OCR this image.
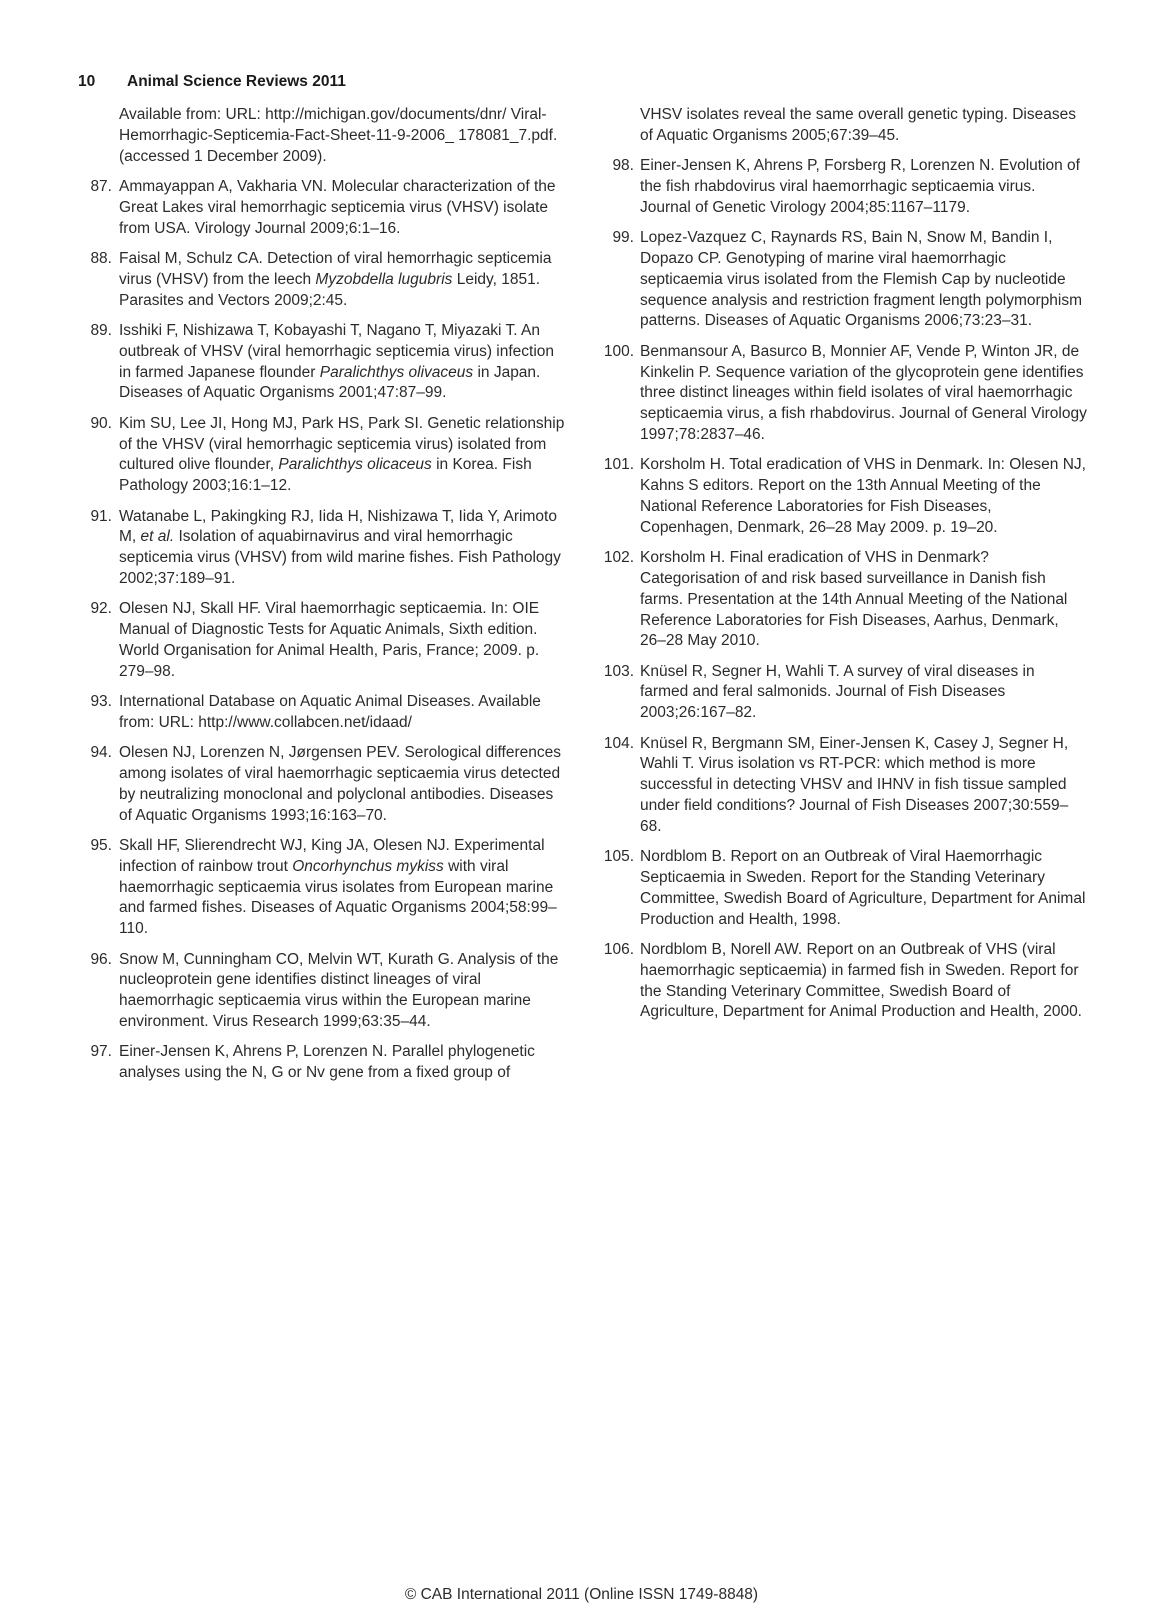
10 Animal Science Reviews 2011
Available from: URL: http://michigan.gov/documents/dnr/ Viral-Hemorrhagic-Septicemia-Fact-Sheet-11-9-2006_ 178081_7.pdf. (accessed 1 December 2009).
87. Ammayappan A, Vakharia VN. Molecular characterization of the Great Lakes viral hemorrhagic septicemia virus (VHSV) isolate from USA. Virology Journal 2009;6:1–16.
88. Faisal M, Schulz CA. Detection of viral hemorrhagic septicemia virus (VHSV) from the leech Myzobdella lugubris Leidy, 1851. Parasites and Vectors 2009;2:45.
89. Isshiki F, Nishizawa T, Kobayashi T, Nagano T, Miyazaki T. An outbreak of VHSV (viral hemorrhagic septicemia virus) infection in farmed Japanese flounder Paralichthys olivaceus in Japan. Diseases of Aquatic Organisms 2001;47:87–99.
90. Kim SU, Lee JI, Hong MJ, Park HS, Park SI. Genetic relationship of the VHSV (viral hemorrhagic septicemia virus) isolated from cultured olive flounder, Paralichthys olicaceus in Korea. Fish Pathology 2003;16:1–12.
91. Watanabe L, Pakingking RJ, Iida H, Nishizawa T, Iida Y, Arimoto M, et al. Isolation of aquabirnavirus and viral hemorrhagic septicemia virus (VHSV) from wild marine fishes. Fish Pathology 2002;37:189–91.
92. Olesen NJ, Skall HF. Viral haemorrhagic septicaemia. In: OIE Manual of Diagnostic Tests for Aquatic Animals, Sixth edition. World Organisation for Animal Health, Paris, France; 2009. p. 279–98.
93. International Database on Aquatic Animal Diseases. Available from: URL: http://www.collabcen.net/idaad/
94. Olesen NJ, Lorenzen N, Jørgensen PEV. Serological differences among isolates of viral haemorrhagic septicaemia virus detected by neutralizing monoclonal and polyclonal antibodies. Diseases of Aquatic Organisms 1993;16:163–70.
95. Skall HF, Slierendrecht WJ, King JA, Olesen NJ. Experimental infection of rainbow trout Oncorhynchus mykiss with viral haemorrhagic septicaemia virus isolates from European marine and farmed fishes. Diseases of Aquatic Organisms 2004;58:99–110.
96. Snow M, Cunningham CO, Melvin WT, Kurath G. Analysis of the nucleoprotein gene identifies distinct lineages of viral haemorrhagic septicaemia virus within the European marine environment. Virus Research 1999;63:35–44.
97. Einer-Jensen K, Ahrens P, Lorenzen N. Parallel phylogenetic analyses using the N, G or Nv gene from a fixed group of
VHSV isolates reveal the same overall genetic typing. Diseases of Aquatic Organisms 2005;67:39–45.
98. Einer-Jensen K, Ahrens P, Forsberg R, Lorenzen N. Evolution of the fish rhabdovirus viral haemorrhagic septicaemia virus. Journal of Genetic Virology 2004;85:1167–1179.
99. Lopez-Vazquez C, Raynards RS, Bain N, Snow M, Bandin I, Dopazo CP. Genotyping of marine viral haemorrhagic septicaemia virus isolated from the Flemish Cap by nucleotide sequence analysis and restriction fragment length polymorphism patterns. Diseases of Aquatic Organisms 2006;73:23–31.
100. Benmansour A, Basurco B, Monnier AF, Vende P, Winton JR, de Kinkelin P. Sequence variation of the glycoprotein gene identifies three distinct lineages within field isolates of viral haemorrhagic septicaemia virus, a fish rhabdovirus. Journal of General Virology 1997;78:2837–46.
101. Korsholm H. Total eradication of VHS in Denmark. In: Olesen NJ, Kahns S editors. Report on the 13th Annual Meeting of the National Reference Laboratories for Fish Diseases, Copenhagen, Denmark, 26–28 May 2009. p. 19–20.
102. Korsholm H. Final eradication of VHS in Denmark? Categorisation of and risk based surveillance in Danish fish farms. Presentation at the 14th Annual Meeting of the National Reference Laboratories for Fish Diseases, Aarhus, Denmark, 26–28 May 2010.
103. Knüsel R, Segner H, Wahli T. A survey of viral diseases in farmed and feral salmonids. Journal of Fish Diseases 2003;26:167–82.
104. Knüsel R, Bergmann SM, Einer-Jensen K, Casey J, Segner H, Wahli T. Virus isolation vs RT-PCR: which method is more successful in detecting VHSV and IHNV in fish tissue sampled under field conditions? Journal of Fish Diseases 2007;30:559–68.
105. Nordblom B. Report on an Outbreak of Viral Haemorrhagic Septicaemia in Sweden. Report for the Standing Veterinary Committee, Swedish Board of Agriculture, Department for Animal Production and Health, 1998.
106. Nordblom B, Norell AW. Report on an Outbreak of VHS (viral haemorrhagic septicaemia) in farmed fish in Sweden. Report for the Standing Veterinary Committee, Swedish Board of Agriculture, Department for Animal Production and Health, 2000.
© CAB International 2011 (Online ISSN 1749-8848)
